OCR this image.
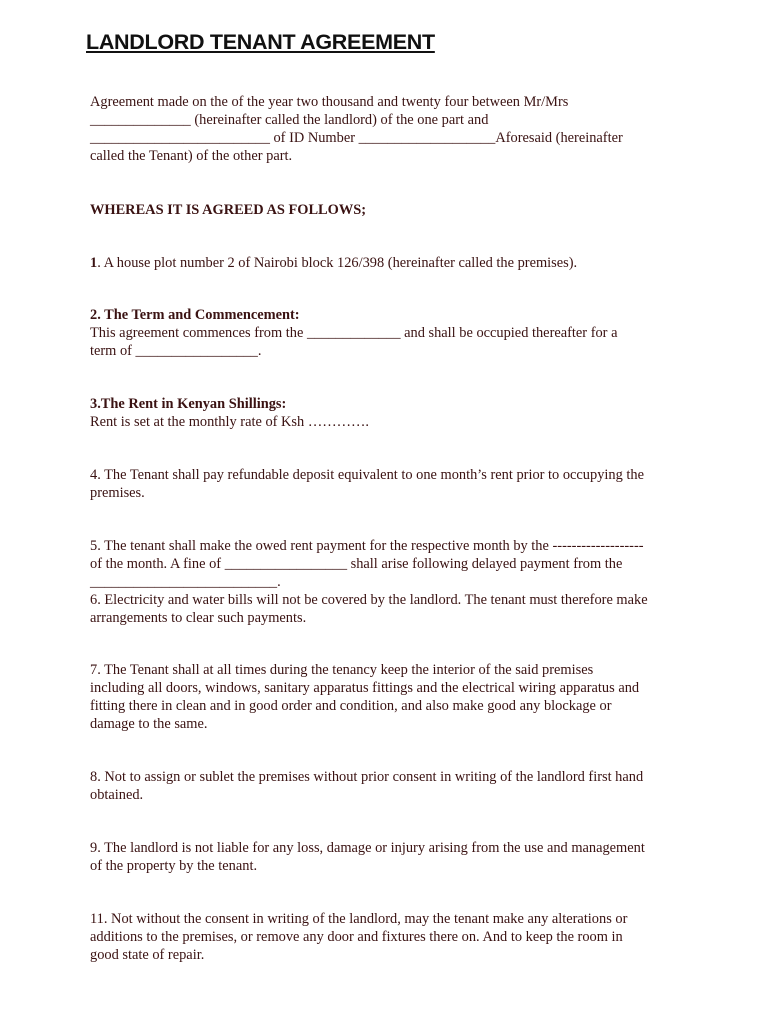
LANDLORD TENANT AGREEMENT
Agreement made on the of the year two thousand and twenty four between Mr/Mrs
______________ (hereinafter called the landlord) of the one part and
_________________________ of ID Number ___________________Aforesaid (hereinafter
called the Tenant) of the other part.
WHEREAS IT IS AGREED AS FOLLOWS;
1. A house plot number 2 of Nairobi block 126/398 (hereinafter called the premises).
2. The Term and Commencement:
This agreement commences from the _____________ and shall be occupied thereafter for a
term of _________________.
3.The Rent in Kenyan Shillings:
Rent is set at the monthly rate of Ksh ………….
4. The Tenant shall pay refundable deposit equivalent to one month’s rent prior to occupying the
premises.
5. The tenant shall make the owed rent payment for the respective month by the -------------------
of the month. A fine of _________________ shall arise following delayed payment from the
__________________________.
6. Electricity and water bills will not be covered by the landlord. The tenant must therefore make
arrangements to clear such payments.
7. The Tenant shall at all times during the tenancy keep the interior of the said premises
including all doors, windows, sanitary apparatus fittings and the electrical wiring apparatus and
fitting there in clean and in good order and condition, and also make good any blockage or
damage to the same.
8. Not to assign or sublet the premises without prior consent in writing of the landlord first hand
obtained.
9. The landlord is not liable for any loss, damage or injury arising from the use and management
of the property by the tenant.
11. Not without the consent in writing of the landlord, may the tenant make any alterations or
additions to the premises, or remove any door and fixtures there on. And to keep the room in
good state of repair.
